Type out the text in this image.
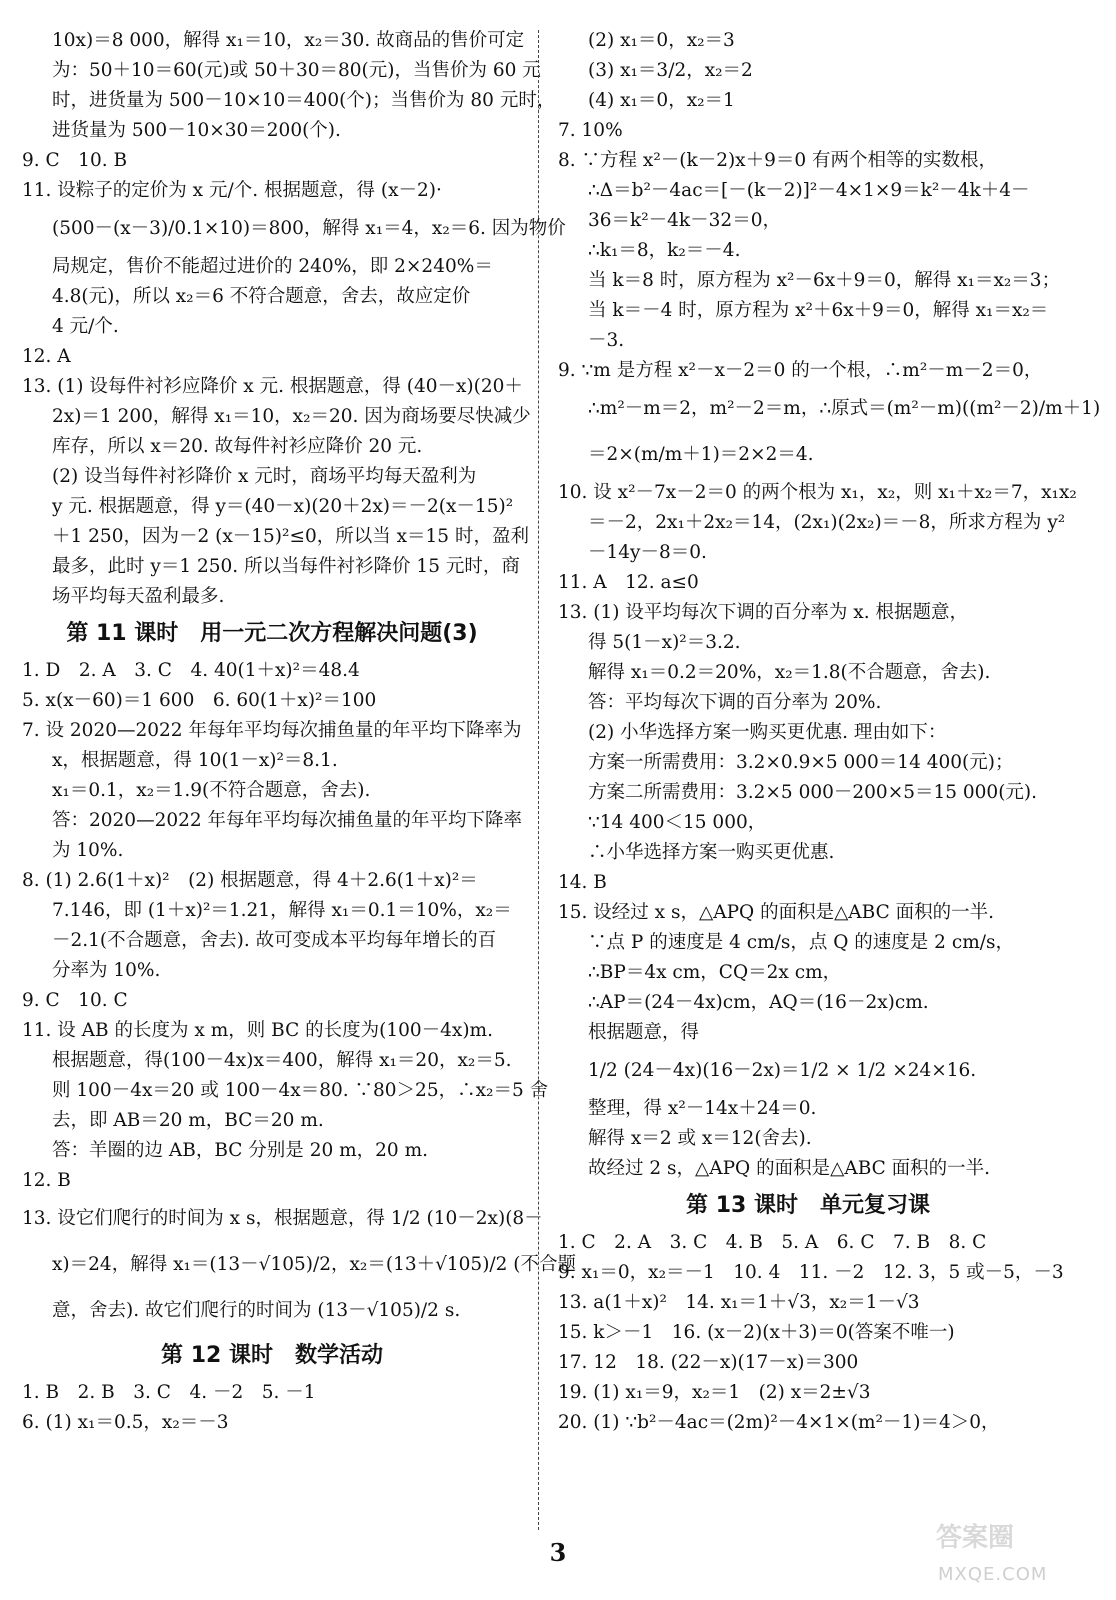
10x)＝8 000，解得 x₁＝10，x₂＝30. 故商品的售价可定
为：50＋10＝60(元)或 50＋30＝80(元)，当售价为 60 元
时，进货量为 500－10×10＝400(个)；当售价为 80 元时，
进货量为 500－10×30＝200(个).
9. C　10. B
11. 设粽子的定价为 x 元/个. 根据题意，得 (x－2)·
(500－(x－3)/0.1×10)＝800，解得 x₁＝4，x₂＝6. 因为物价
局规定，售价不能超过进价的 240%，即 2×240%＝
4.8(元)，所以 x₂＝6 不符合题意，舍去，故应定价
4 元/个.
12. A
13. (1) 设每件衬衫应降价 x 元. 根据题意，得 (40－x)(20＋
2x)＝1 200，解得 x₁＝10，x₂＝20. 因为商场要尽快减少
库存，所以 x＝20. 故每件衬衫应降价 20 元.
(2) 设当每件衬衫降价 x 元时，商场平均每天盈利为
y 元. 根据题意，得 y＝(40－x)(20＋2x)＝－2(x－15)²
＋1 250，因为－2 (x－15)²≤0，所以当 x＝15 时，盈利
最多，此时 y＝1 250. 所以当每件衬衫降价 15 元时，商
场平均每天盈利最多.
第 11 课时　用一元二次方程解决问题(3)
1. D　2. A　3. C　4. 40(1＋x)²＝48.4
5. x(x－60)＝1 600　6. 60(1＋x)²＝100
7. 设 2020—2022 年每年平均每次捕鱼量的年平均下降率为
x，根据题意，得 10(1－x)²＝8.1.
x₁＝0.1，x₂＝1.9(不符合题意，舍去).
答：2020—2022 年每年平均每次捕鱼量的年平均下降率
为 10%.
8. (1) 2.6(1＋x)²　(2) 根据题意，得 4＋2.6(1＋x)²＝
7.146，即 (1＋x)²＝1.21，解得 x₁＝0.1＝10%，x₂＝
－2.1(不合题意，舍去). 故可变成本平均每年增长的百
分率为 10%.
9. C　10. C
11. 设 AB 的长度为 x m，则 BC 的长度为(100－4x)m.
根据题意，得(100－4x)x＝400，解得 x₁＝20，x₂＝5.
则 100－4x＝20 或 100－4x＝80. ∵80＞25，∴x₂＝5 舍
去，即 AB＝20 m，BC＝20 m.
答：羊圈的边 AB，BC 分别是 20 m，20 m.
12. B
13. 设它们爬行的时间为 x s，根据题意，得 1/2 (10－2x)(8－
x)＝24，解得 x₁＝(13－√105)/2，x₂＝(13＋√105)/2 (不合题
意，舍去). 故它们爬行的时间为 (13－√105)/2 s.
第 12 课时　数学活动
1. B　2. B　3. C　4. －2　5. －1
6. (1) x₁＝0.5，x₂＝－3
(2) x₁＝0，x₂＝3
(3) x₁＝3/2，x₂＝2
(4) x₁＝0，x₂＝1
7. 10%
8. ∵方程 x²－(k－2)x＋9＝0 有两个相等的实数根，
∴Δ＝b²－4ac＝[－(k－2)]²－4×1×9＝k²－4k＋4－
36＝k²－4k－32＝0，
∴k₁＝8，k₂＝－4.
当 k＝8 时，原方程为 x²－6x＋9＝0，解得 x₁＝x₂＝3；
当 k＝－4 时，原方程为 x²＋6x＋9＝0，解得 x₁＝x₂＝
－3.
9. ∵m 是方程 x²－x－2＝0 的一个根，∴m²－m－2＝0，
∴m²－m＝2，m²－2＝m，∴原式＝(m²－m)((m²－2)/m＋1)
＝2×(m/m＋1)＝2×2＝4.
10. 设 x²－7x－2＝0 的两个根为 x₁，x₂，则 x₁＋x₂＝7，x₁x₂
＝－2，2x₁＋2x₂＝14，(2x₁)(2x₂)＝－8，所求方程为 y²
－14y－8＝0.
11. A　12. a≤0
13. (1) 设平均每次下调的百分率为 x. 根据题意，
得 5(1－x)²＝3.2.
解得 x₁＝0.2＝20%，x₂＝1.8(不合题意，舍去).
答：平均每次下调的百分率为 20%.
(2) 小华选择方案一购买更优惠. 理由如下：
方案一所需费用：3.2×0.9×5 000＝14 400(元)；
方案二所需费用：3.2×5 000－200×5＝15 000(元).
∵14 400＜15 000，
∴小华选择方案一购买更优惠.
14. B
15. 设经过 x s，△APQ 的面积是△ABC 面积的一半.
∵点 P 的速度是 4 cm/s，点 Q 的速度是 2 cm/s，
∴BP＝4x cm，CQ＝2x cm，
∴AP＝(24－4x)cm，AQ＝(16－2x)cm.
根据题意，得
1/2 (24－4x)(16－2x)＝1/2 × 1/2 ×24×16.
整理，得 x²－14x＋24＝0.
解得 x＝2 或 x＝12(舍去).
故经过 2 s，△APQ 的面积是△ABC 面积的一半.
第 13 课时　单元复习课
1. C　2. A　3. C　4. B　5. A　6. C　7. B　8. C
9. x₁＝0，x₂＝－1　10. 4　11. －2　12. 3，5 或－5，－3
13. a(1＋x)²　14. x₁＝1＋√3，x₂＝1－√3
15. k＞－1　16. (x－2)(x＋3)＝0(答案不唯一)
17. 12　18. (22－x)(17－x)＝300
19. (1) x₁＝9，x₂＝1　(2) x＝2±√3
20. (1) ∵b²－4ac＝(2m)²－4×1×(m²－1)＝4＞0，
3	答案圈
MXQE.COM
